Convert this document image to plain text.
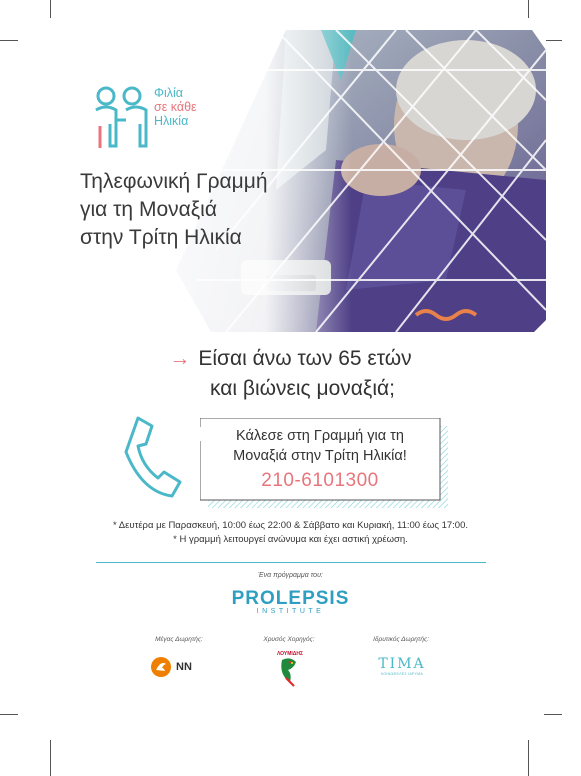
Φιλία
σε κάθε
Ηλικία
Τηλεφωνική Γραμμή
για τη Μοναξιά
στην Τρίτη Ηλικία
→ Είσαι άνω των 65 ετών
και βιώνεις μοναξιά;
Κάλεσε στη Γραμμή για τη
Μοναξιά στην Τρίτη Ηλικία!
210-6101300
* Δευτέρα με Παρασκευή, 10:00 έως 22:00 & Σάββατο και Κυριακή, 11:00 έως 17:00.
* Η γραμμή λειτουργεί ανώνυμα και έχει αστική χρέωση.
Ένα πρόγραμμα του:
PROLEPSIS
INSTITUTE
Μέγας Δωρητής:	Χρυσός Χορηγός:	Ιδρυτικός Δωρητής:
NN
ΛΟΥΜΙΔΗΣ
ΤΙΜΑ
ΚΟΙΝΩΦΕΛΕΣ ΙΔΡΥΜΑ
